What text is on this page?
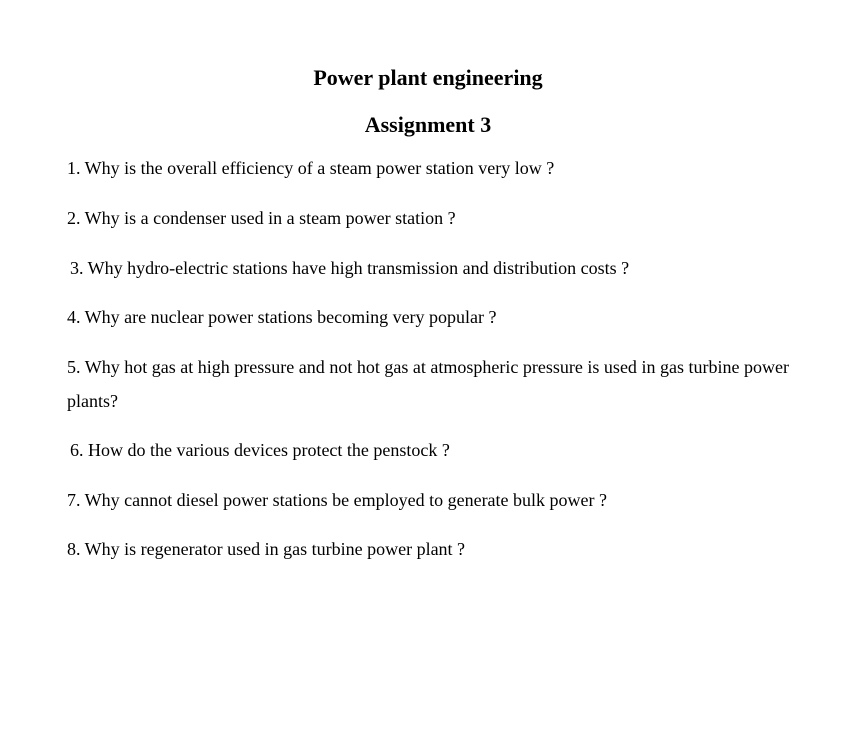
Power plant engineering
Assignment 3

1. Why is the overall efficiency of a steam power station very low ?

2. Why is a condenser used in a steam power station ?

3. Why hydro-electric stations have high transmission and distribution costs ?

4. Why are nuclear power stations becoming very popular ?

5. Why hot gas at high pressure and not hot gas at atmospheric pressure is used in gas turbine power plants?

6. How do the various devices protect the penstock ?

7. Why cannot diesel power stations be employed to generate bulk power ?

8. Why is regenerator used in gas turbine power plant ?
